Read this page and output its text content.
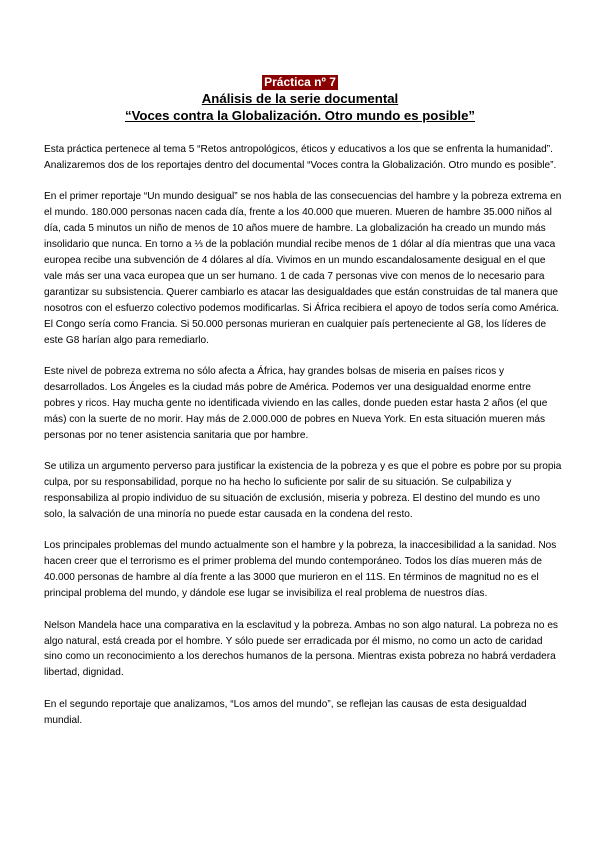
Práctica nº 7

Análisis de la serie documental

“Voces contra la Globalización. Otro mundo es posible”

Esta práctica pertenece al tema 5 “Retos antropológicos, éticos y educativos a los que se enfrenta la humanidad”. Analizaremos dos de los reportajes dentro del documental “Voces contra la Globalización. Otro mundo es posible”.

En el primer reportaje “Un mundo desigual” se nos habla de las consecuencias del hambre y la pobreza extrema en el mundo. 180.000 personas nacen cada día, frente a los 40.000 que mueren. Mueren de hambre 35.000 niños al día, cada 5 minutos un niño de menos de 10 años muere de hambre. La globalización ha creado un mundo más insolidario que nunca. En torno a ⅓ de la población mundial recibe menos de 1 dólar al día mientras que una vaca europea recibe una subvención de 4 dólares al día. Vivimos en un mundo escandalosamente desigual en el que vale más ser una vaca europea que un ser humano. 1 de cada 7 personas vive con menos de lo necesario para garantizar su subsistencia. Querer cambiarlo es atacar las desigualdades que están construidas de tal manera que nosotros con el esfuerzo colectivo podemos modificarlas. Si África recibiera el apoyo de todos sería como América. El Congo sería como Francia. Si 50.000 personas murieran en cualquier país perteneciente al G8, los líderes de este G8 harían algo para remediarlo.

Este nivel de pobreza extrema no sólo afecta a África, hay grandes bolsas de miseria en países ricos y desarrollados. Los Ángeles es la ciudad más pobre de América. Podemos ver una desigualdad enorme entre pobres y ricos. Hay mucha gente no identificada viviendo en las calles, donde pueden estar hasta 2 años (el que más) con la suerte de no morir. Hay más de 2.000.000 de pobres en Nueva York. En esta situación mueren más personas por no tener asistencia sanitaria que por hambre.

Se utiliza un argumento perverso para justificar la existencia de la pobreza y es que el pobre es pobre por su propia culpa, por su responsabilidad, porque no ha hecho lo suficiente por salir de su situación. Se culpabiliza y responsabiliza al propio individuo de su situación de exclusión, miseria y pobreza. El destino del mundo es uno solo, la salvación de una minoría no puede estar causada en la condena del resto.

Los principales problemas del mundo actualmente son el hambre y la pobreza, la inaccesibilidad a la sanidad. Nos hacen creer que el terrorismo es el primer problema del mundo contemporáneo. Todos los días mueren más de 40.000 personas de hambre al día frente a las 3000 que murieron en el 11S. En términos de magnitud no es el principal problema del mundo, y dándole ese lugar se invisibiliza el real problema de nuestros días.

Nelson Mandela hace una comparativa en la esclavitud y la pobreza. Ambas no son algo natural. La pobreza no es algo natural, está creada por el hombre. Y sólo puede ser erradicada por él mismo, no como un acto de caridad sino como un reconocimiento a los derechos humanos de la persona. Mientras exista pobreza no habrá verdadera libertad, dignidad.

En el segundo reportaje que analizamos, “Los amos del mundo”, se reflejan las causas de esta desigualdad mundial.
